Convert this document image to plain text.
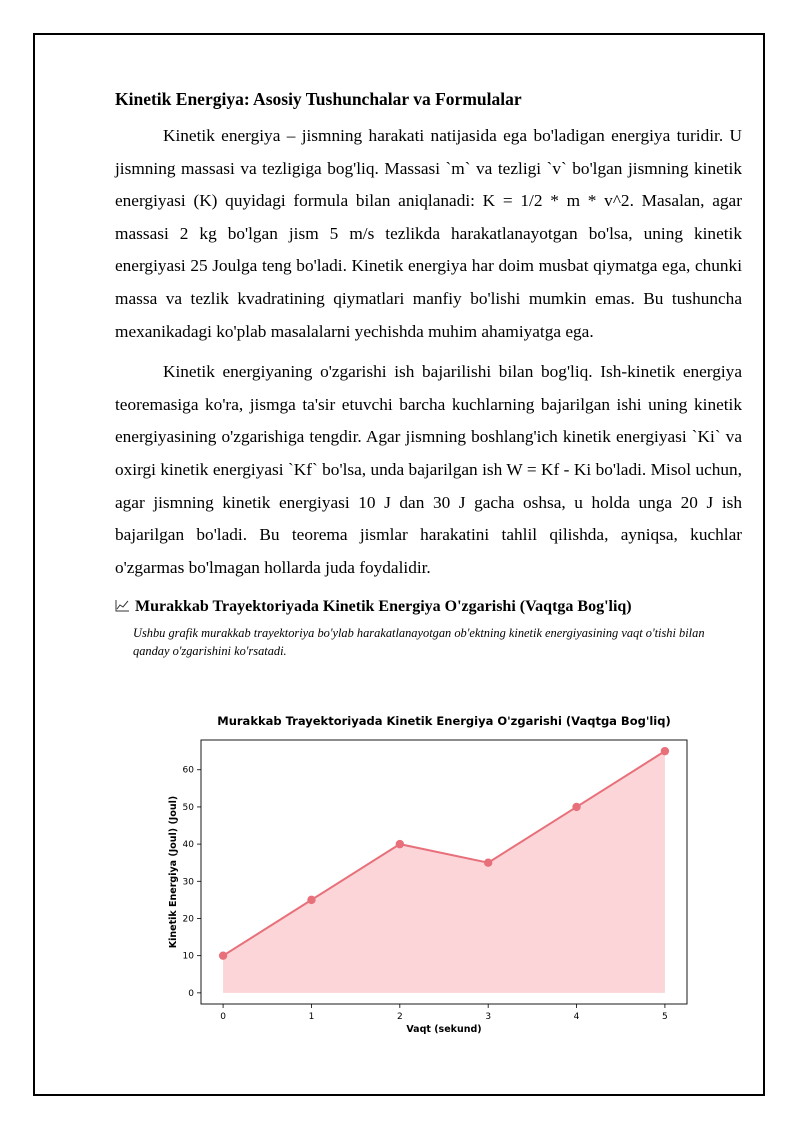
Kinetik Energiya: Asosiy Tushunchalar va Formulalar

Kinetik energiya – jismning harakati natijasida ega bo'ladigan energiya turidir. U jismning massasi va tezligiga bog'liq. Massasi `m` va tezligi `v` bo'lgan jismning kinetik energiyasi (K) quyidagi formula bilan aniqlanadi: K = 1/2 * m * v^2. Masalan, agar massasi 2 kg bo'lgan jism 5 m/s tezlikda harakatlanayotgan bo'lsa, uning kinetik energiyasi 25 Joulga teng bo'ladi. Kinetik energiya har doim musbat qiymatga ega, chunki massa va tezlik kvadratining qiymatlari manfiy bo'lishi mumkin emas. Bu tushuncha mexanikadagi ko'plab masalalarni yechishda muhim ahamiyatga ega.

Kinetik energiyaning o'zgarishi ish bajarilishi bilan bog'liq. Ish-kinetik energiya teoremasiga ko'ra, jismga ta'sir etuvchi barcha kuchlarning bajarilgan ishi uning kinetik energiyasining o'zgarishiga tengdir. Agar jismning boshlang'ich kinetik energiyasi `Ki` va oxirgi kinetik energiyasi `Kf` bo'lsa, unda bajarilgan ish W = Kf - Ki bo'ladi. Misol uchun, agar jismning kinetik energiyasi 10 J dan 30 J gacha oshsa, u holda unga 20 J ish bajarilgan bo'ladi. Bu teorema jismlar harakatini tahlil qilishda, ayniqsa, kuchlar o'zgarmas bo'lmagan hollarda juda foydalidir.

Murakkab Trayektoriyada Kinetik Energiya O'zgarishi (Vaqtga Bog'liq)
Ushbu grafik murakkab trayektoriya bo'ylab harakatlanayotgan ob'ektning kinetik energiyasining vaqt o'tishi bilan qanday o'zgarishini ko'rsatadi.
Murakkab Trayektoriyada Kinetik Energiya O'zgarishi (Vaqtga Bog'liq)
0
10
20
30
40
50
60
0	1	2	3	4	5
Vaqt (sekund)
Kinetik Energiya (Joul) (Joul)
